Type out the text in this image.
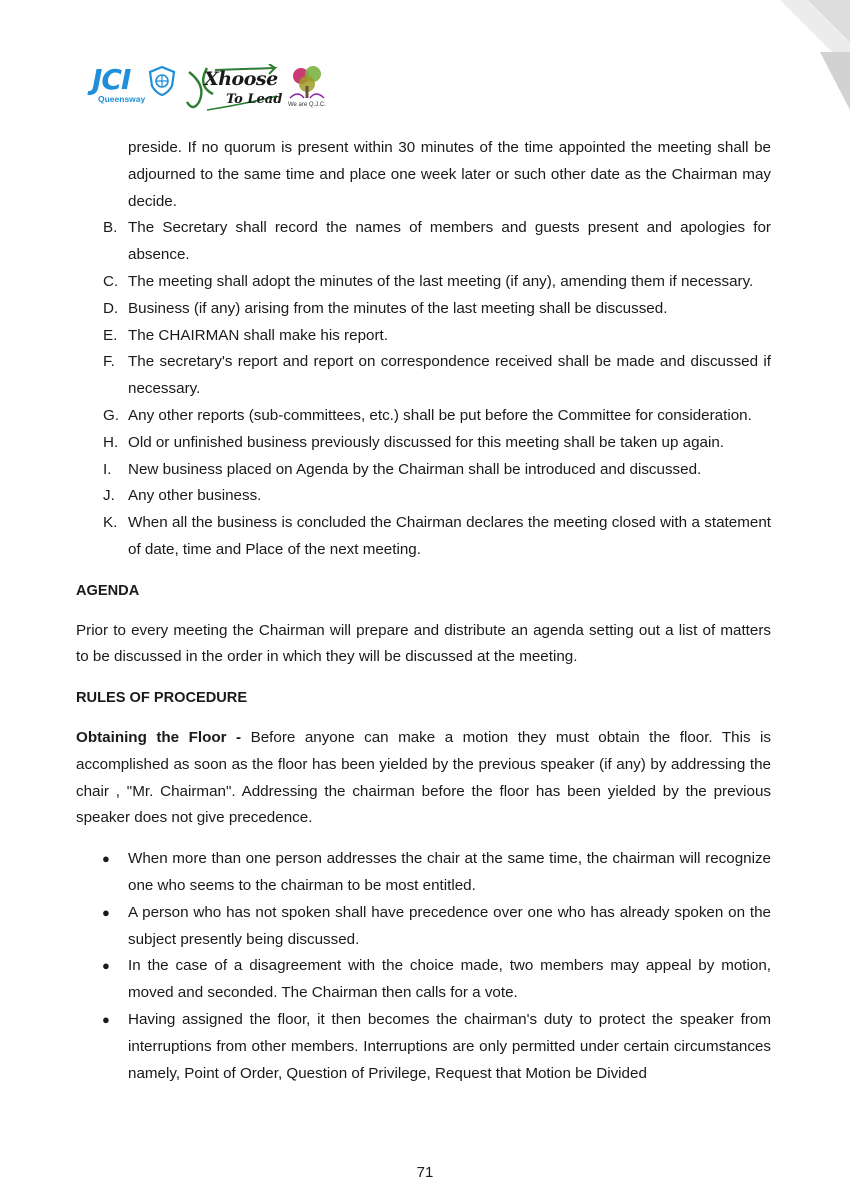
JCI
Queensway
Xhoose
To Lead We are Q.J.C.
preside. If no quorum is present within 30 minutes of the time appointed the meeting shall be adjourned to the same time and place one week later or such other date as the Chairman may decide.
B. The Secretary shall record the names of members and guests present and apologies for absence.
C. The meeting shall adopt the minutes of the last meeting (if any), amending them if necessary.
D. Business (if any) arising from the minutes of the last meeting shall be discussed.
E. The CHAIRMAN shall make his report.
F. The secretary's report and report on correspondence received shall be made and discussed if necessary.
G. Any other reports (sub-committees, etc.) shall be put before the Committee for consideration.
H. Old or unfinished business previously discussed for this meeting shall be taken up again.
I. New business placed on Agenda by the Chairman shall be introduced and discussed.
J. Any other business.
K. When all the business is concluded the Chairman declares the meeting closed with a statement of date, time and Place of the next meeting.
AGENDA

Prior to every meeting the Chairman will prepare and distribute an agenda setting out a list of matters to be discussed in the order in which they will be discussed at the meeting.

RULES OF PROCEDURE

Obtaining the Floor - Before anyone can make a motion they must obtain the floor. This is accomplished as soon as the floor has been yielded by the previous speaker (if any) by addressing the chair , "Mr. Chairman". Addressing the chairman before the floor has been yielded by the previous speaker does not give precedence.

● When more than one person addresses the chair at the same time, the chairman will recognize one who seems to the chairman to be most entitled.
● A person who has not spoken shall have precedence over one who has already spoken on the subject presently being discussed.
● In the case of a disagreement with the choice made, two members may appeal by motion, moved and seconded. The Chairman then calls for a vote.
● Having assigned the floor, it then becomes the chairman's duty to protect the speaker from interruptions from other members. Interruptions are only permitted under certain circumstances namely, Point of Order, Question of Privilege, Request that Motion be Divided
71
